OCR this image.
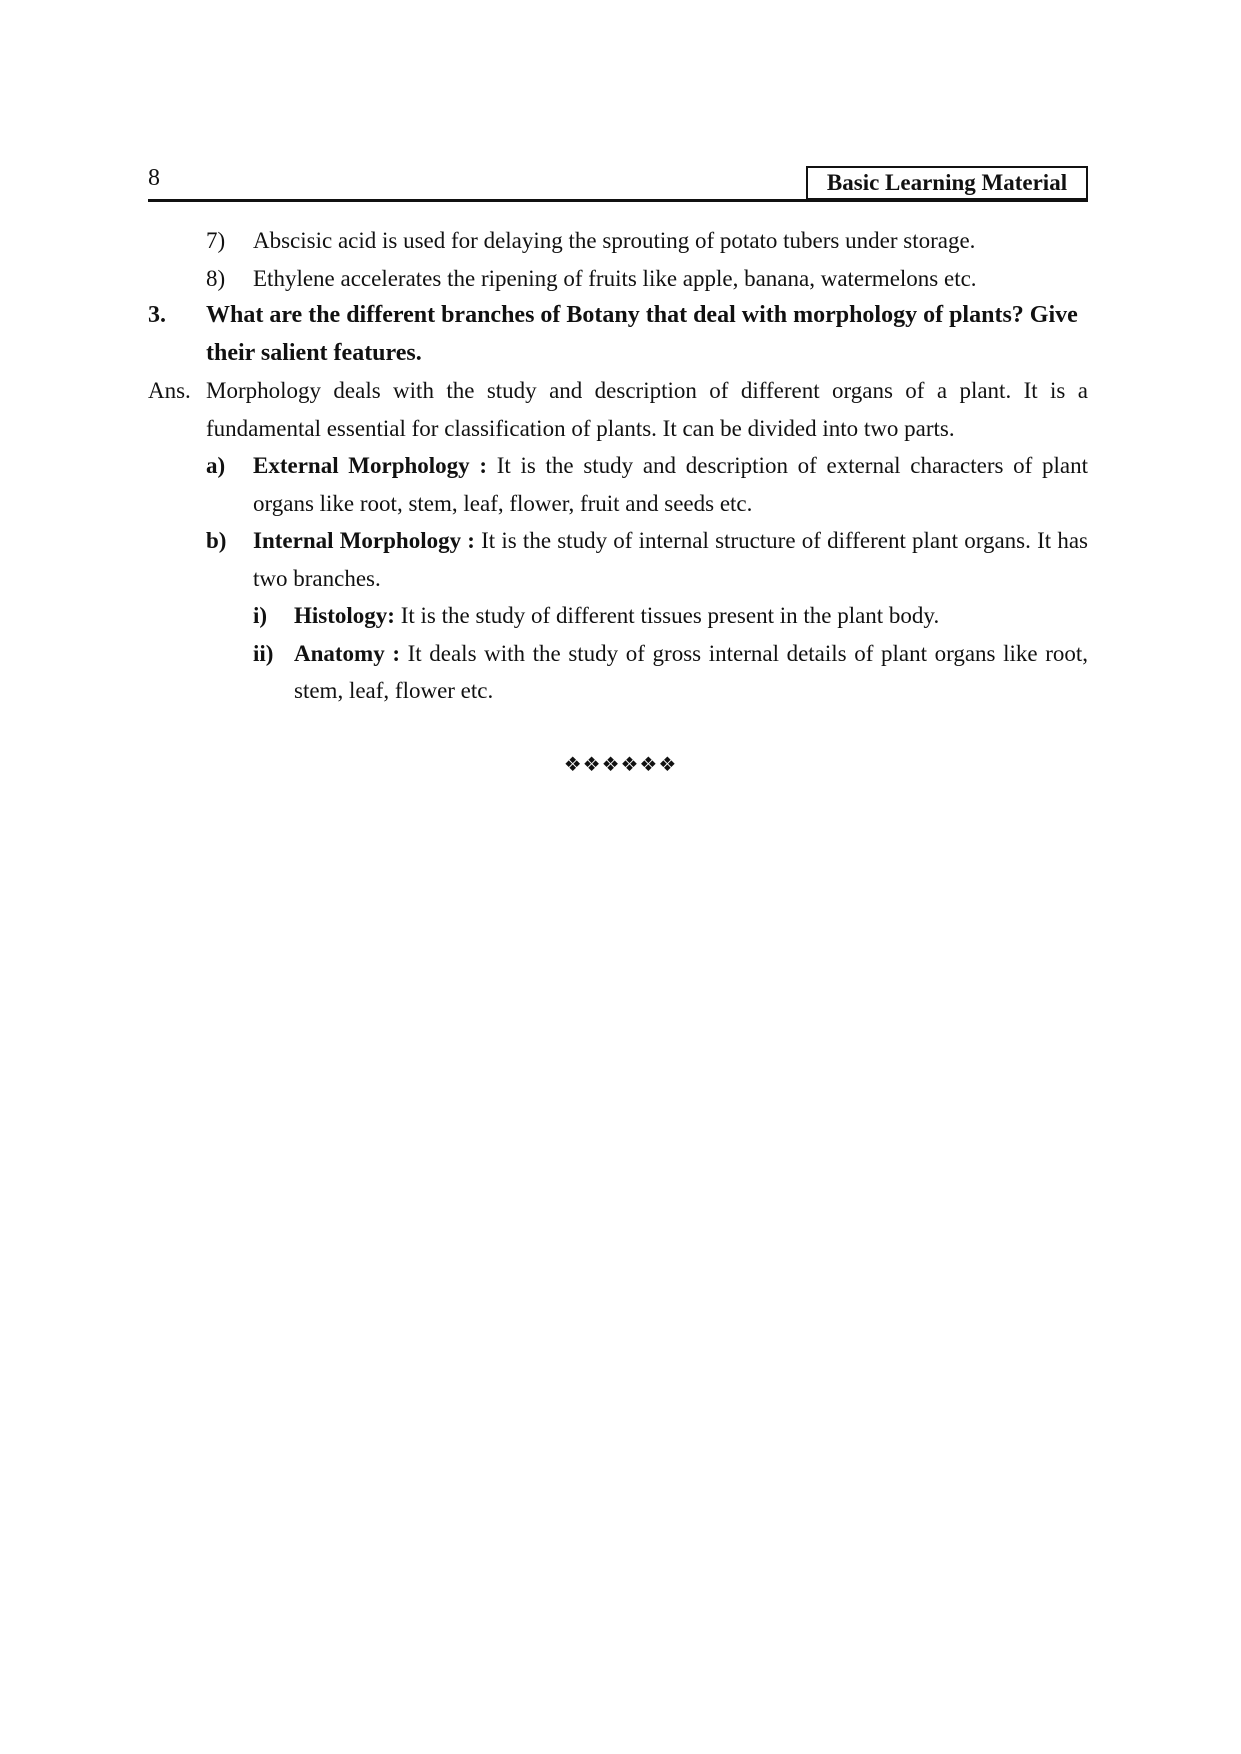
8	Basic Learning Material
7)	Abscisic acid is used for delaying the sprouting of potato tubers under storage.
8)	Ethylene accelerates the ripening of fruits like apple, banana, watermelons etc.
3.	What are the different branches of Botany that deal with morphology of plants? Give their salient features.
Ans. Morphology deals with the study and description of different organs of a plant. It is a fundamental essential for classification of plants. It can be divided into two parts.
a)	External Morphology : It is the study and description of external characters of plant organs like root, stem, leaf, flower, fruit and seeds etc.
b)	Internal Morphology : It is the study of internal structure of different plant organs. It has two branches.
i)	Histology: It is the study of different tissues present in the plant body.
ii) Anatomy : It deals with the study of gross internal details of plant organs like root, stem, leaf, flower etc.
❖❖❖❖❖❖
